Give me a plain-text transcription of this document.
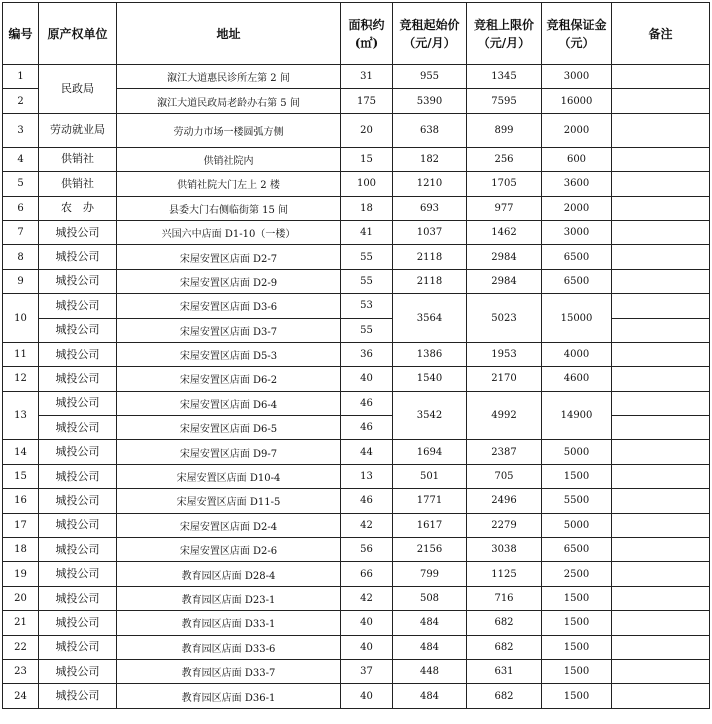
编号	原产权单位	地址	面积约(㎡)	竞租起始价（元/月）	竞租上限价（元/月）	竞租保证金（元）	备注
1	民政局	溆江大道惠民诊所左第 2 间	31	955	1345	3000	
2		溆江大道民政局老龄办右第 5 间	175	5390	7595	16000	
3	劳动就业局	劳动力市场一楼圆弧方侧	20	638	899	2000	
4	供销社	供销社院内	15	182	256	600	
5	供销社	供销社院大门左上 2 楼	100	1210	1705	3600	
6	农　办	县委大门右侧临街第 15 间	18	693	977	2000	
7	城投公司	兴国六中店面 D1-10（一楼）	41	1037	1462	3000	
8	城投公司	宋屋安置区店面 D2-7	55	2118	2984	6500	
9	城投公司	宋屋安置区店面 D2-9	55	2118	2984	6500	
10	城投公司	宋屋安置区店面 D3-6	53	3564	5023	15000	
	城投公司	宋屋安置区店面 D3-7	55				
11	城投公司	宋屋安置区店面 D5-3	36	1386	1953	4000	
12	城投公司	宋屋安置区店面 D6-2	40	1540	2170	4600	
13	城投公司	宋屋安置区店面 D6-4	46	3542	4992	14900	
	城投公司	宋屋安置区店面 D6-5	46				
14	城投公司	宋屋安置区店面 D9-7	44	1694	2387	5000	
15	城投公司	宋屋安置区店面 D10-4	13	501	705	1500	
16	城投公司	宋屋安置区店面 D11-5	46	1771	2496	5500	
17	城投公司	宋屋安置区店面 D2-4	42	1617	2279	5000	
18	城投公司	宋屋安置区店面 D2-6	56	2156	3038	6500	
19	城投公司	教育园区店面 D28-4	66	799	1125	2500	
20	城投公司	教育园区店面 D23-1	42	508	716	1500	
21	城投公司	教育园区店面 D33-1	40	484	682	1500	
22	城投公司	教育园区店面 D33-6	40	484	682	1500	
23	城投公司	教育园区店面 D33-7	37	448	631	1500	
24	城投公司	教育园区店面 D36-1	40	484	682	1500	
